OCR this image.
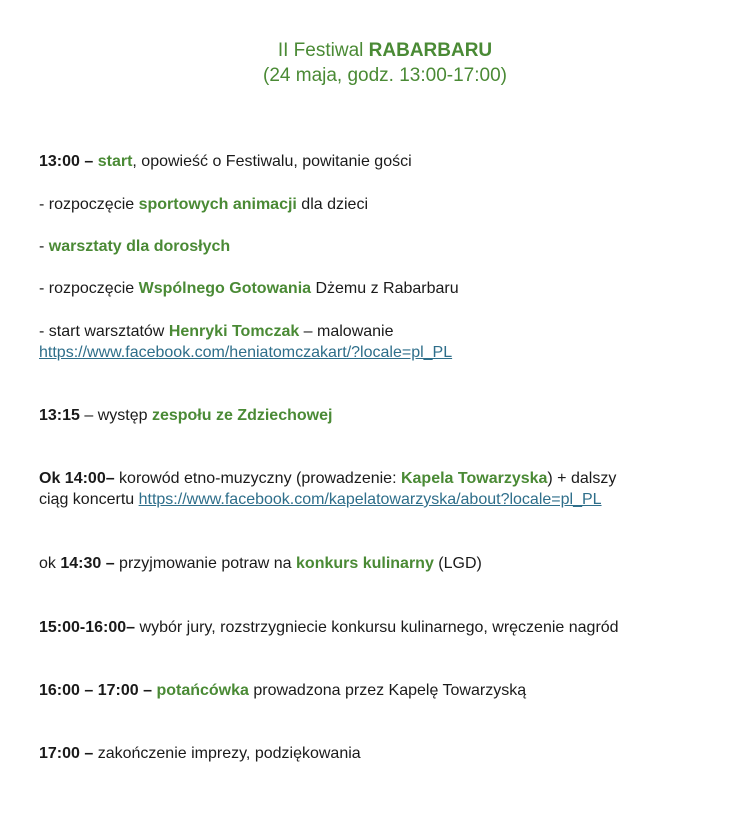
II Festiwal RABARBARU
(24 maja, godz. 13:00-17:00)
13:00 – start, opowieść o Festiwalu, powitanie gości
- rozpoczęcie sportowych animacji dla dzieci
- warsztaty dla dorosłych
- rozpoczęcie Wspólnego Gotowania Dżemu z Rabarbaru
- start warsztatów Henryki Tomczak – malowanie
https://www.facebook.com/heniatomczakart/?locale=pl_PL
13:15 – występ zespołu ze Zdziechowej
Ok 14:00– korowód etno-muzyczny (prowadzenie: Kapela Towarzyska) + dalszy
ciąg koncertu https://www.facebook.com/kapelatowarzyska/about?locale=pl_PL
ok 14:30 – przyjmowanie potraw na konkurs kulinarny (LGD)
15:00-16:00– wybór jury, rozstrzygniecie konkursu kulinarnego, wręczenie nagród
16:00 – 17:00 – potańcówka prowadzona przez Kapelę Towarzyską
17:00 – zakończenie imprezy, podziękowania
